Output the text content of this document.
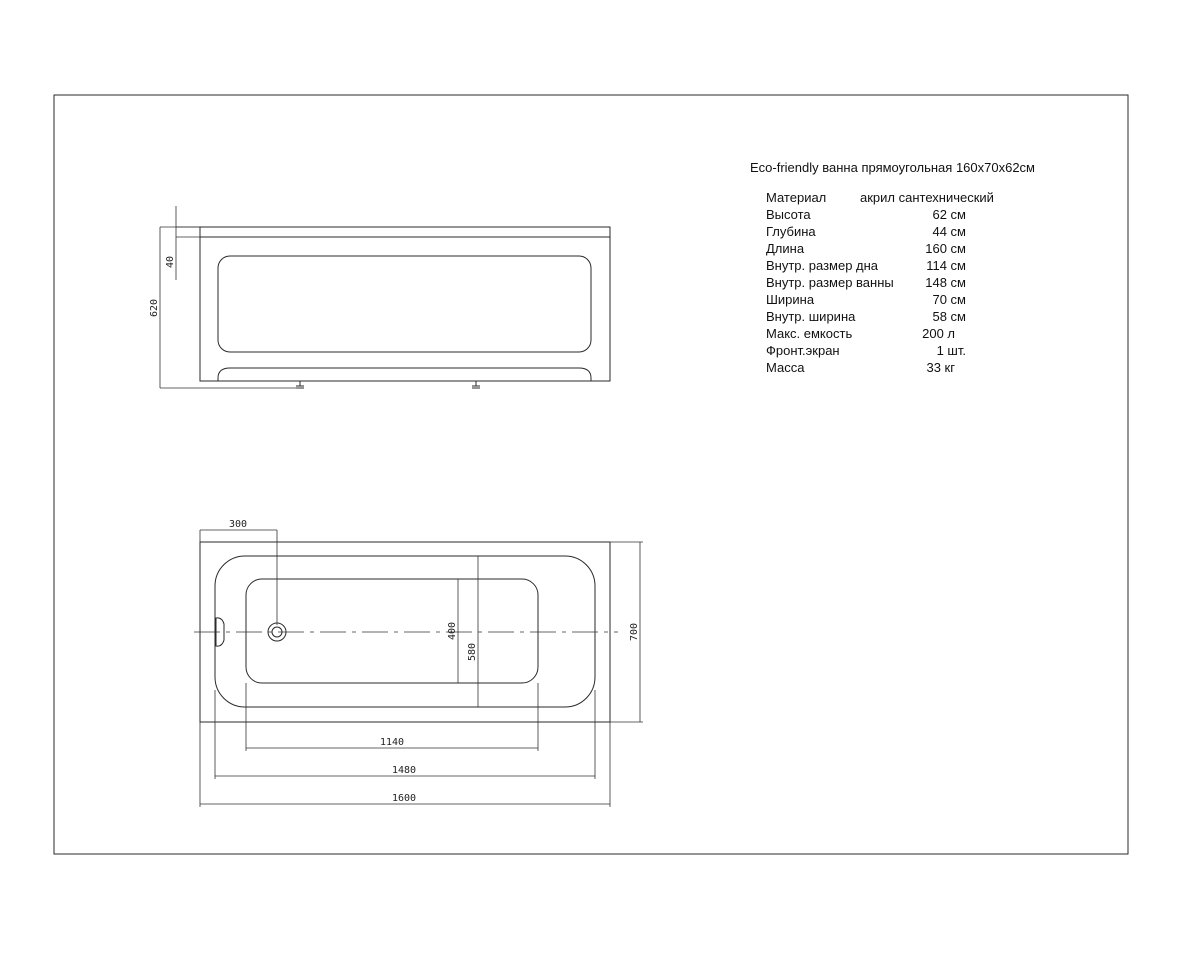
620
40
300
400
580
700
1140
1480
1600
Eco-friendly ванна прямоугольная 160x70x62см
Материал	акрил сантехнический
Высота	62 см
Глубина	44 см
Длина	160 см
Внутр. размер дна	114 см
Внутр. размер ванны 148 см
Ширина	70 см
Внутр. ширина	58 см
Макс. емкость	200 л
Фронт.экран	1 шт.
Масса	33 кг
